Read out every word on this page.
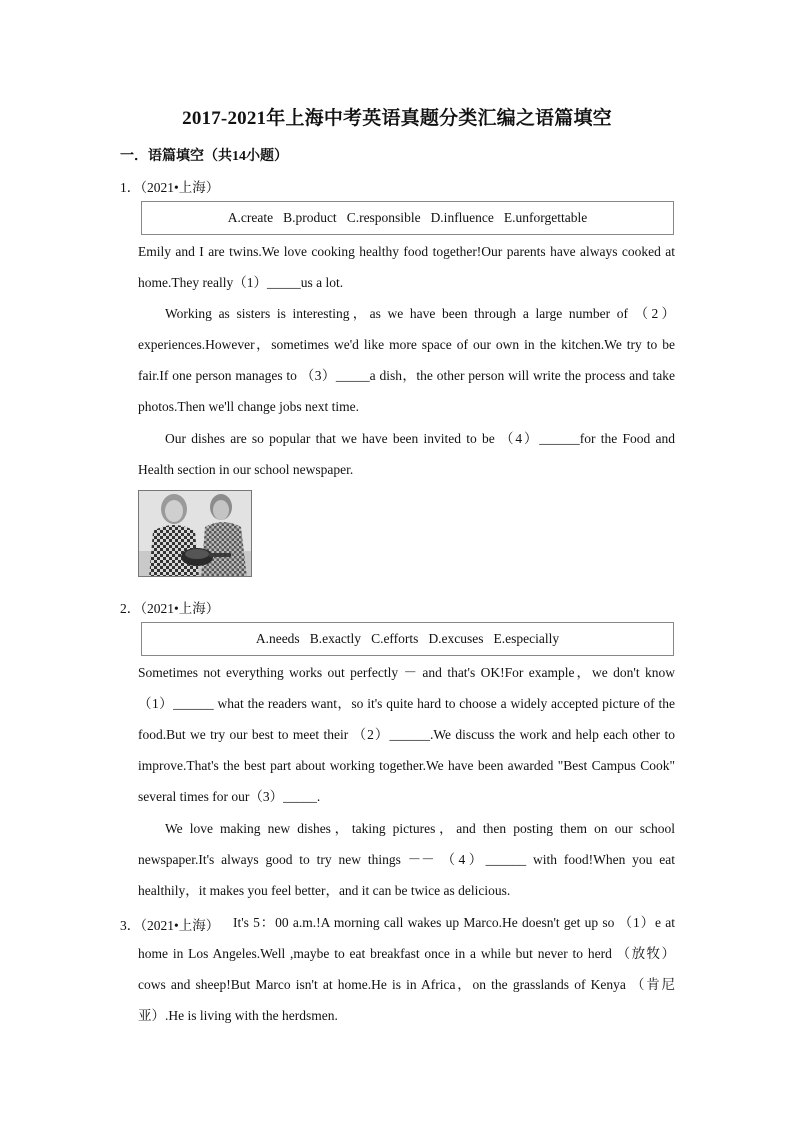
2017-2021年上海中考英语真题分类汇编之语篇填空
一．语篇填空（共14小题）
1．（2021•上海）
A.create B.product C.responsible D.influence E.unforgettable
Emily and I are twins.We love cooking healthy food together!Our parents have always cooked at home.They really（1）_____us a lot.
Working as sisters is interesting，as we have been through a large number of （2） experiences.However，sometimes we'd like more space of our own in the kitchen.We try to be fair.If one person manages to （3）_____a dish，the other person will write the process and take photos.Then we'll change jobs next time.
Our dishes are so popular that we have been invited to be （4）______for the Food and Health section in our school newspaper.
2．（2021•上海）
A.needs B.exactly C.efforts D.excuses E.especially
Sometimes not everything works out perfectly － and that's OK!For example，we don't know （1）______ what the readers want，so it's quite hard to choose a widely accepted picture of the food.But we try our best to meet their （2）______.We discuss the work and help each other to improve.That's the best part about working together.We have been awarded "Best Campus Cook" several times for our（3）_____.
We love making new dishes，taking pictures，and then posting them on our school newspaper.It's always good to try new things －－ （4）______ with food!When you eat healthily，it makes you feel better，and it can be twice as delicious.
3．（2021•上海）	It's 5：00 a.m.!A morning call wakes up Marco.He doesn't get up so （1）e at home in Los Angeles.Well ,maybe to eat breakfast once in a while but never to herd （放牧） cows and sheep!But Marco isn't at home.He is in Africa，on the grasslands of Kenya （肯尼亚）.He is living with the herdsmen.
